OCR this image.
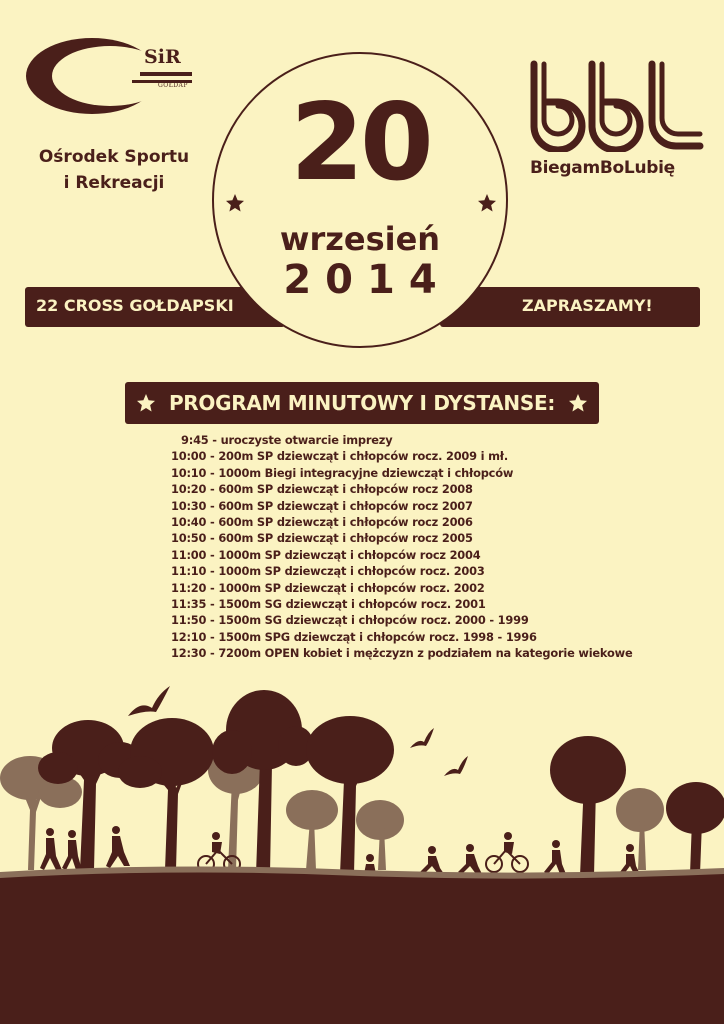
SiR
GOŁDAP
Ośrodek Sportu
i Rekreacji
BiegamBoLubię
22 CROSS GOŁDAPSKI	ZAPRASZAMY!
20
wrzesień
2014
PROGRAM MINUTOWY I DYSTANSE:
9:45 - uroczyste otwarcie imprezy
10:00 - 200m SP dziewcząt i chłopców rocz. 2009 i mł.
10:10 - 1000m Biegi integracyjne dziewcząt i chłopców
10:20 - 600m SP dziewcząt i chłopców rocz 2008
10:30 - 600m SP dziewcząt i chłopców rocz 2007
10:40 - 600m SP dziewcząt i chłopców rocz 2006
10:50 - 600m SP dziewcząt i chłopców rocz 2005
11:00 - 1000m SP dziewcząt i chłopców rocz 2004
11:10 - 1000m SP dziewcząt i chłopców rocz. 2003
11:20 - 1000m SP dziewcząt i chłopców rocz. 2002
11:35 - 1500m SG dziewcząt i chłopców rocz. 2001
11:50 - 1500m SG dziewcząt i chłopców rocz. 2000 - 1999
12:10 - 1500m SPG dziewcząt i chłopców rocz. 1998 - 1996
12:30 - 7200m OPEN kobiet i mężczyzn z podziałem na kategorie wiekowe
